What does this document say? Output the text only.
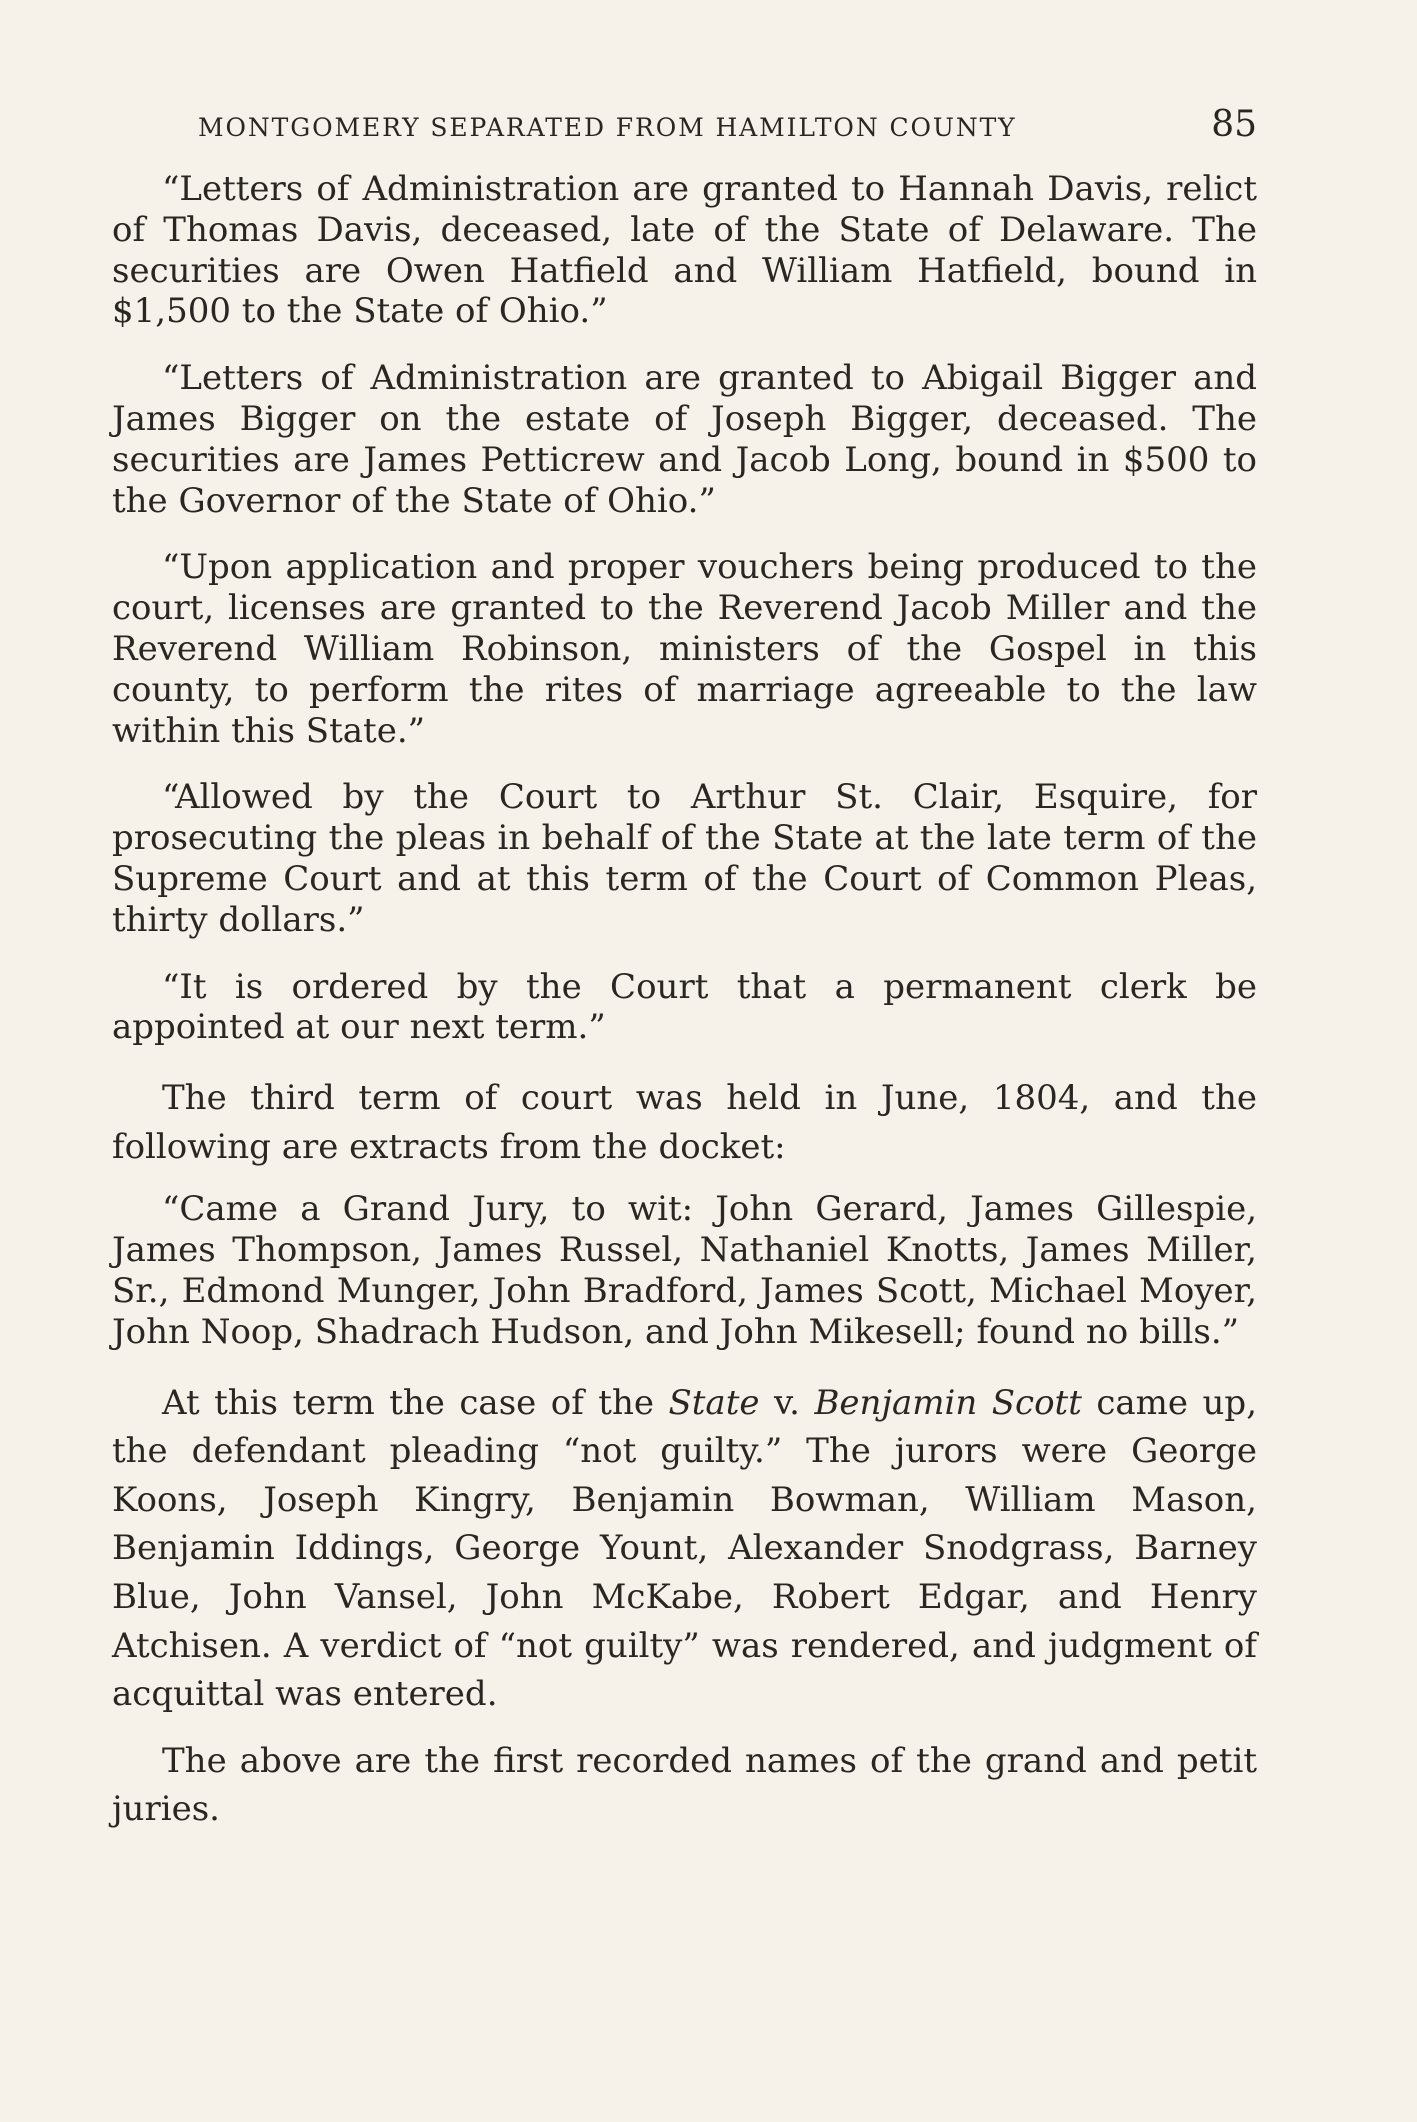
MONTGOMERY SEPARATED FROM HAMILTON COUNTY	85

“Letters of Administration are granted to Hannah Davis, relict of Thomas Davis, deceased, late of the State of Delaware. The securities are Owen Hatfield and William Hatfield, bound in $1,500 to the State of Ohio.”

“Letters of Administration are granted to Abigail Bigger and James Bigger on the estate of Joseph Bigger, deceased. The securities are James Petticrew and Jacob Long, bound in $500 to the Governor of the State of Ohio.”

“Upon application and proper vouchers being produced to the court, licenses are granted to the Reverend Jacob Miller and the Reverend William Robinson, ministers of the Gospel in this county, to perform the rites of marriage agreeable to the law within this State.”

“Allowed by the Court to Arthur St. Clair, Esquire, for prosecuting the pleas in behalf of the State at the late term of the Supreme Court and at this term of the Court of Common Pleas, thirty dollars.”

“It is ordered by the Court that a permanent clerk be appointed at our next term.”

The third term of court was held in June, 1804, and the following are extracts from the docket:

“Came a Grand Jury, to wit: John Gerard, James Gillespie, James Thompson, James Russel, Nathaniel Knotts, James Miller, Sr., Edmond Munger, John Bradford, James Scott, Michael Moyer, John Noop, Shadrach Hudson, and John Mikesell; found no bills.”

At this term the case of the State v. Benjamin Scott came up, the defendant pleading “not guilty.” The jurors were George Koons, Joseph Kingry, Benjamin Bowman, William Mason, Benjamin Iddings, George Yount, Alexander Snodgrass, Barney Blue, John Vansel, John McKabe, Robert Edgar, and Henry Atchisen. A verdict of “not guilty” was rendered, and judgment of acquittal was entered.

The above are the first recorded names of the grand and petit juries.
